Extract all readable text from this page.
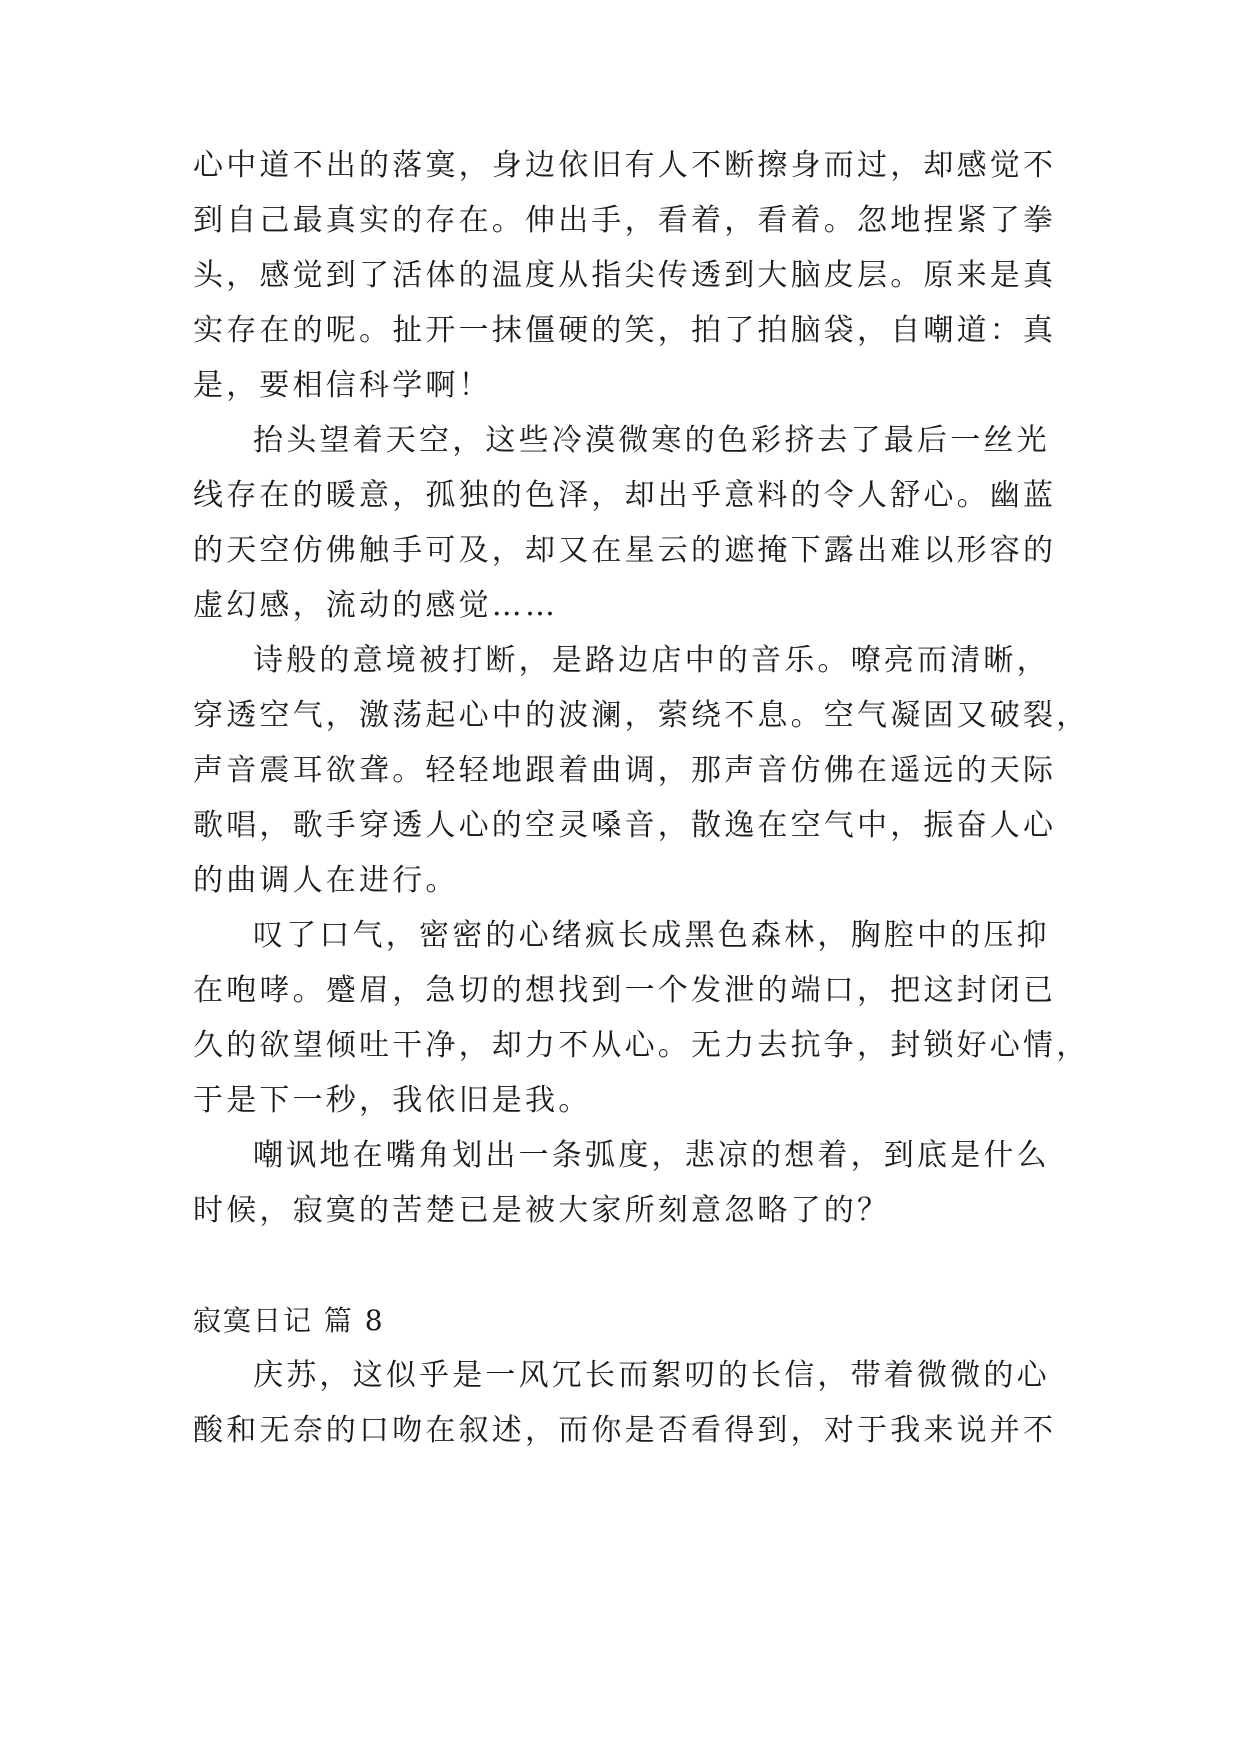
心中道不出的落寞，身边依旧有人不断擦身而过，却感觉不
到自己最真实的存在。伸出手，看着，看着。忽地捏紧了拳
头，感觉到了活体的温度从指尖传透到大脑皮层。原来是真
实存在的呢。扯开一抹僵硬的笑，拍了拍脑袋，自嘲道：真
是，要相信科学啊！
抬头望着天空，这些冷漠微寒的色彩挤去了最后一丝光
线存在的暖意，孤独的色泽，却出乎意料的令人舒心。幽蓝
的天空仿佛触手可及，却又在星云的遮掩下露出难以形容的
虚幻感，流动的感觉……
诗般的意境被打断，是路边店中的音乐。嘹亮而清晰，
穿透空气，激荡起心中的波澜，萦绕不息。空气凝固又破裂，
声音震耳欲聋。轻轻地跟着曲调，那声音仿佛在遥远的天际
歌唱，歌手穿透人心的空灵嗓音，散逸在空气中，振奋人心
的曲调人在进行。
叹了口气，密密的心绪疯长成黑色森林，胸腔中的压抑
在咆哮。蹙眉，急切的想找到一个发泄的端口，把这封闭已
久的欲望倾吐干净，却力不从心。无力去抗争，封锁好心情，
于是下一秒，我依旧是我。
嘲讽地在嘴角划出一条弧度，悲凉的想着，到底是什么
时候，寂寞的苦楚已是被大家所刻意忽略了的？
寂寞日记 篇 8
庆苏，这似乎是一风冗长而絮叨的长信，带着微微的心
酸和无奈的口吻在叙述，而你是否看得到，对于我来说并不
